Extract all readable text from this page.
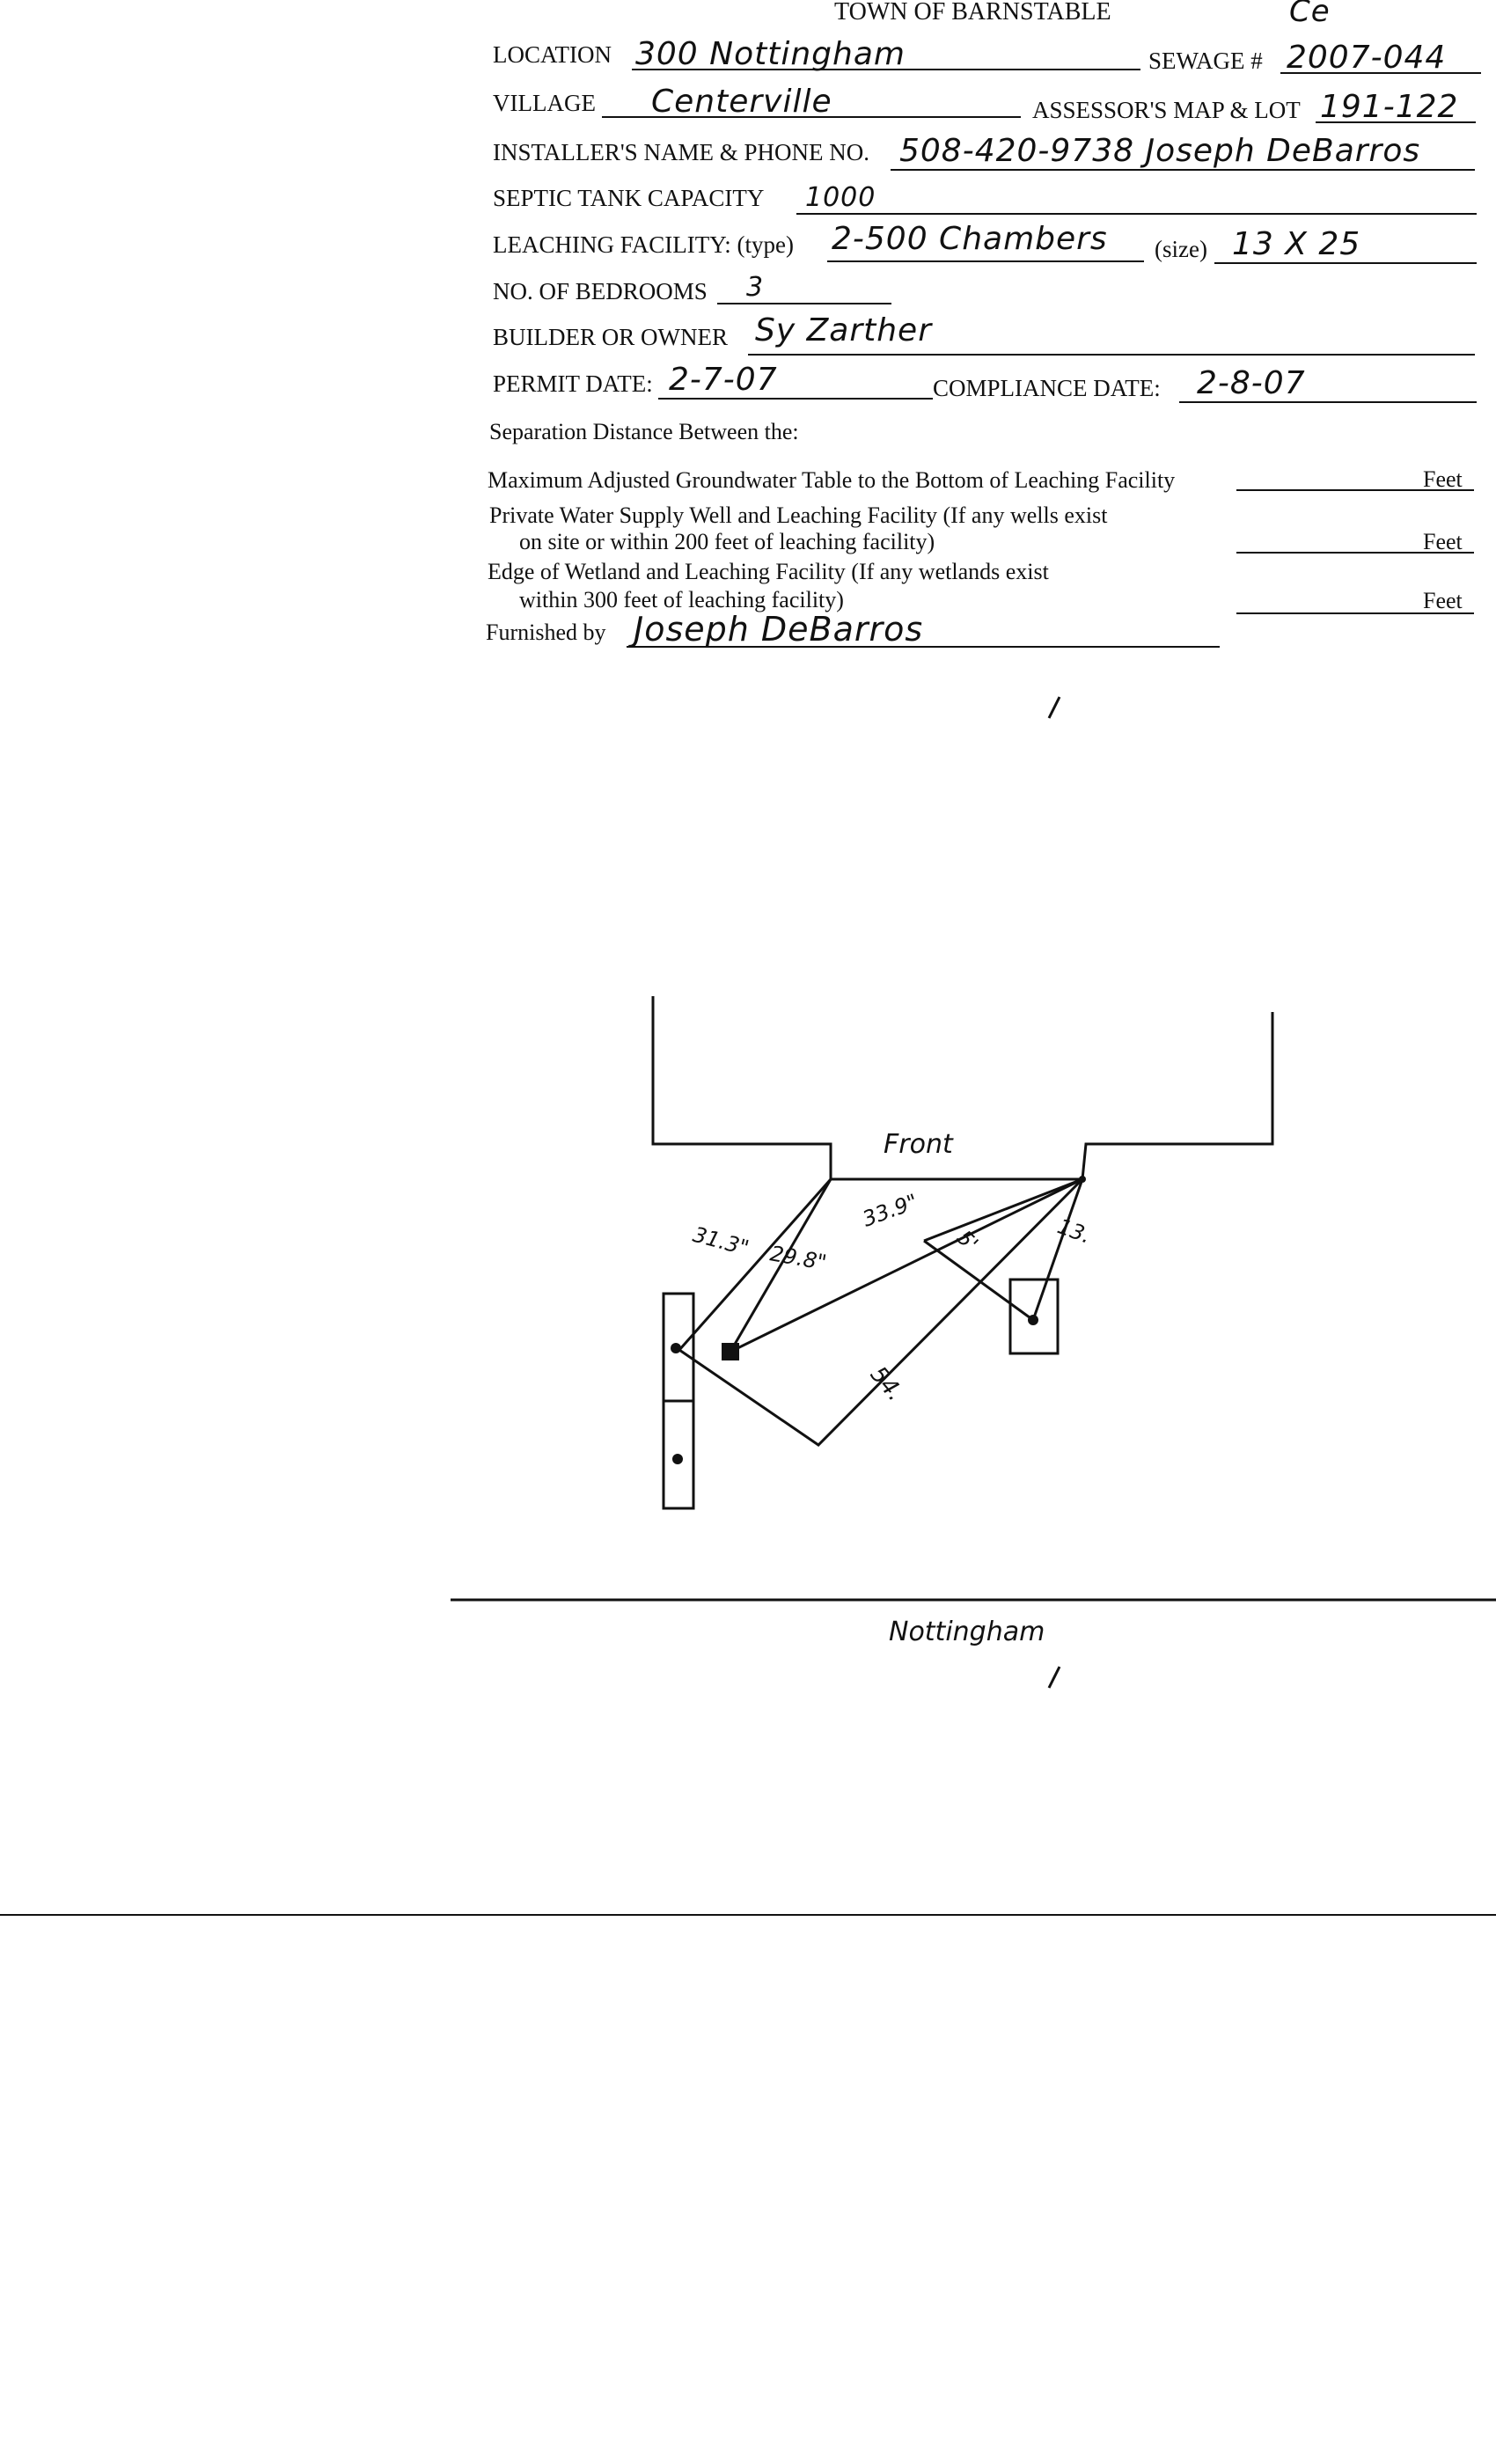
TOWN OF BARNSTABLE	Ce
LOCATION 300 Nottingham	SEWAGE # 2007-044
VILLAGE Centerville	ASSESSOR'S MAP & LOT 191-122
INSTALLER'S NAME & PHONE NO. 508-420-9738 Joseph DeBarros
SEPTIC TANK CAPACITY 1000
LEACHING FACILITY: (type) 2-500 Chambers (size) 13 X 25
NO. OF BEDROOMS 3
BUILDER OR OWNER Sy Zarther
PERMIT DATE: 2-7-07	COMPLIANCE DATE: 2-8-07
Separation Distance Between the:
Maximum Adjusted Groundwater Table to the Bottom of Leaching Facility	Feet
Private Water Supply Well and Leaching Facility (If any wells exist
on site or within 200 feet of leaching facility)	Feet
Edge of Wetland and Leaching Facility (If any wetlands exist
within 300 feet of leaching facility)	Feet
Furnished by Joseph DeBarros
Front
31.3" 29.8"
33.9"
5'	13.
54.
Nottingham
